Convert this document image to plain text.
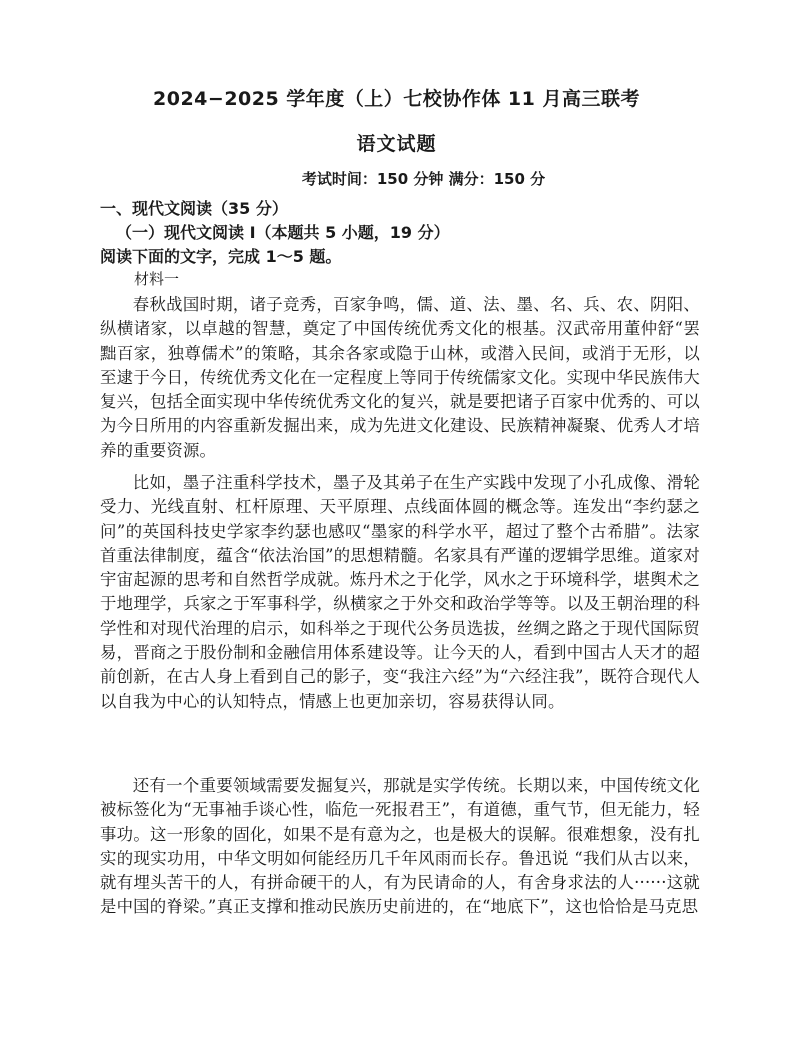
2024−2025 学年度（上）七校协作体 11 月高三联考
语文试题

考试时间：150 分钟 满分：150 分

一、现代文阅读（35 分）

（一）现代文阅读 I（本题共 5 小题，19 分）

阅读下面的文字，完成 1～5 题。

材料一

春秋战国时期，诸子竞秀，百家争鸣，儒、道、法、墨、名、兵、农、阴阳、纵横诸家，以卓越的智慧，奠定了中国传统优秀文化的根基。汉武帝用董仲舒“罢黜百家，独尊儒术”的策略，其余各家或隐于山林，或潜入民间，或消于无形，以至逮于今日，传统优秀文化在一定程度上等同于传统儒家文化。实现中华民族伟大复兴，包括全面实现中华传统优秀文化的复兴，就是要把诸子百家中优秀的、可以为今日所用的内容重新发掘出来，成为先进文化建设、民族精神凝聚、优秀人才培养的重要资源。

比如，墨子注重科学技术，墨子及其弟子在生产实践中发现了小孔成像、滑轮受力、光线直射、杠杆原理、天平原理、点线面体圆的概念等。连发出“李约瑟之问”的英国科技史学家李约瑟也感叹“墨家的科学水平，超过了整个古希腊”。法家首重法律制度，蕴含“依法治国”的思想精髓。名家具有严谨的逻辑学思维。道家对宇宙起源的思考和自然哲学成就。炼丹术之于化学，风水之于环境科学，堪舆术之于地理学，兵家之于军事科学，纵横家之于外交和政治学等等。以及王朝治理的科学性和对现代治理的启示，如科举之于现代公务员选拔，丝绸之路之于现代国际贸易，晋商之于股份制和金融信用体系建设等。让今天的人，看到中国古人天才的超前创新，在古人身上看到自己的影子，变“我注六经”为“六经注我”，既符合现代人以自我为中心的认知特点，情感上也更加亲切，容易获得认同。

还有一个重要领域需要发掘复兴，那就是实学传统。长期以来，中国传统文化被标签化为“无事袖手谈心性，临危一死报君王”，有道德，重气节，但无能力，轻事功。这一形象的固化，如果不是有意为之，也是极大的误解。很难想象，没有扎实的现实功用，中华文明如何能经历几千年风雨而长存。鲁迅说 “我们从古以来，就有埋头苦干的人，有拼命硬干的人，有为民请命的人，有舍身求法的人······这就是中国的脊梁。”真正支撑和推动民族历史前进的，在“地底下”，这也恰恰是马克思
